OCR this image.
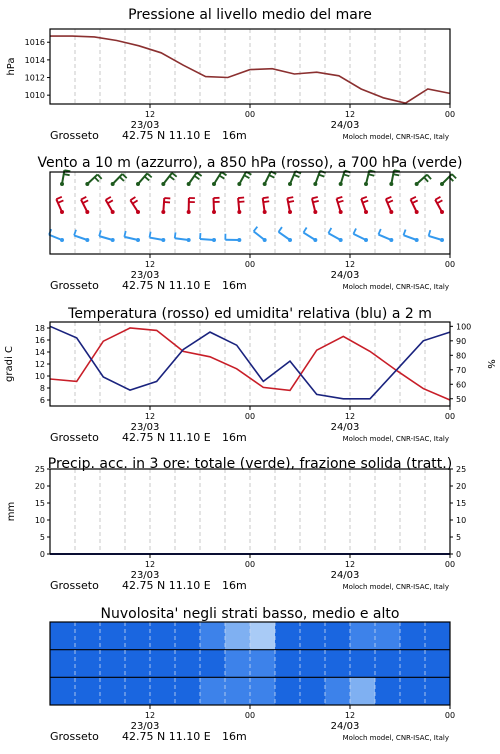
1010
1012
1014
1016
hPa
Pressione al livello medio del mare
12	00	12	00
23/03	24/03
Grosseto 42.75 N 11.10 E 16m	Moloch model, CNR-ISAC, Italy
Vento a 10 m (azzurro), a 850 hPa (rosso), a 700 hPa (verde)
12	00	12	00
23/03	24/03
Grosseto 42.75 N 11.10 E 16m	Moloch model, CNR-ISAC, Italy
6
8
10
12
14
16
18
gradi C
50
60
70
80
90
100
%
Temperatura (rosso) ed umidita' relativa (blu) a 2 m
12	00	12	00
23/03	24/03
Grosseto 42.75 N 11.10 E 16m	Moloch model, CNR-ISAC, Italy
0
5
10
15
20
25
mm
0
5
10
15
20
25
Precip. acc. in 3 ore: totale (verde), frazione solida (tratt.)
12	00	12	00
23/03	24/03
Grosseto 42.75 N 11.10 E 16m	Moloch model, CNR-ISAC, Italy
Nuvolosita' negli strati basso, medio e alto
12	00	12	00
23/03	24/03
Grosseto 42.75 N 11.10 E 16m	Moloch model, CNR-ISAC, Italy
